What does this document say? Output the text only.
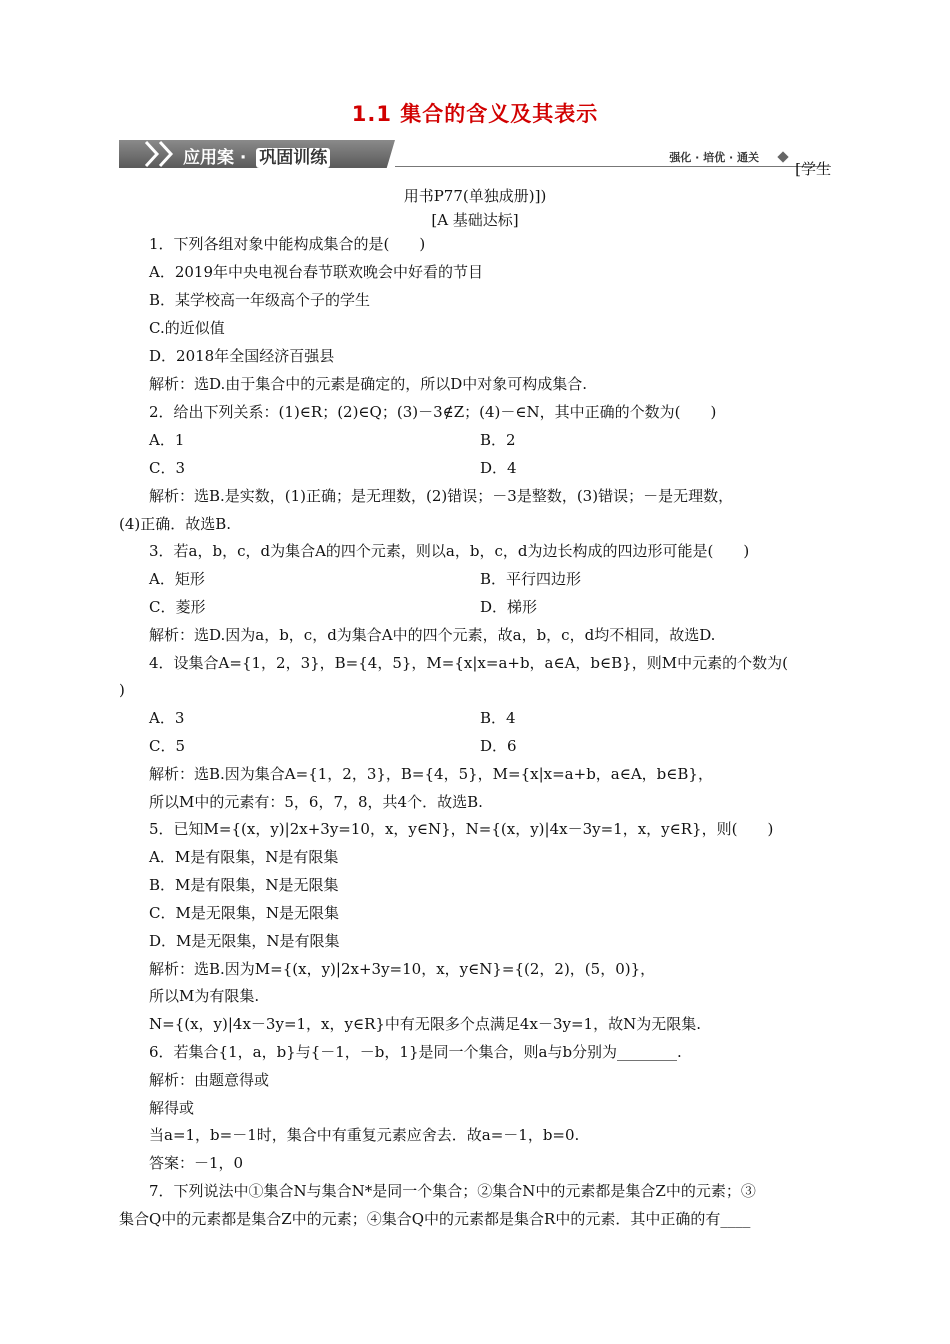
1.1 集合的含义及其表示
应用案 · 巩固训练	强化 · 培优 · 通关
[学生
用书P77(单独成册)])
[A 基础达标]
1．下列各组对象中能构成集合的是(　　)
A．2019年中央电视台春节联欢晚会中好看的节目
B．某学校高一年级高个子的学生
C.的近似值
D．2018年全国经济百强县
解析：选D.由于集合中的元素是确定的，所以D中对象可构成集合.
2．给出下列关系：(1)∈R；(2)∈Q；(3)－3∉Z；(4)－∈N，其中正确的个数为(　　)
A．1	B．2
C．3	D．4
解析：选B.是实数，(1)正确；是无理数，(2)错误；－3是整数，(3)错误；－是无理数，
(4)正确．故选B.
3．若a，b，c，d为集合A的四个元素，则以a，b，c，d为边长构成的四边形可能是(　　)
A．矩形	B．平行四边形
C．菱形	D．梯形
解析：选D.因为a，b，c，d为集合A中的四个元素，故a，b，c，d均不相同，故选D.
4．设集合A={1，2，3}，B={4，5}，M={x|x=a+b，a∈A，b∈B}，则M中元素的个数为(
)
A．3	B．4
C．5	D．6
解析：选B.因为集合A={1，2，3}，B={4，5}，M={x|x=a+b，a∈A，b∈B}，
所以M中的元素有：5，6，7，8，共4个．故选B.
5．已知M={(x，y)|2x+3y=10，x，y∈N}，N={(x，y)|4x－3y=1，x，y∈R}，则(　　)
A．M是有限集，N是有限集
B．M是有限集，N是无限集
C．M是无限集，N是无限集
D．M是无限集，N是有限集
解析：选B.因为M={(x，y)|2x+3y=10，x，y∈N}={(2，2)，(5，0)}，
所以M为有限集.
N={(x，y)|4x－3y=1，x，y∈R}中有无限多个点满足4x－3y=1，故N为无限集.
6．若集合{1，a，b}与{－1，－b，1}是同一个集合，则a与b分别为________.
解析：由题意得或
解得或
当a=1，b=－1时，集合中有重复元素应舍去．故a=－1，b=0.
答案：－1，0
7．下列说法中①集合N与集合N*是同一个集合；②集合N中的元素都是集合Z中的元素；③
集合Q中的元素都是集合Z中的元素；④集合Q中的元素都是集合R中的元素．其中正确的有____
